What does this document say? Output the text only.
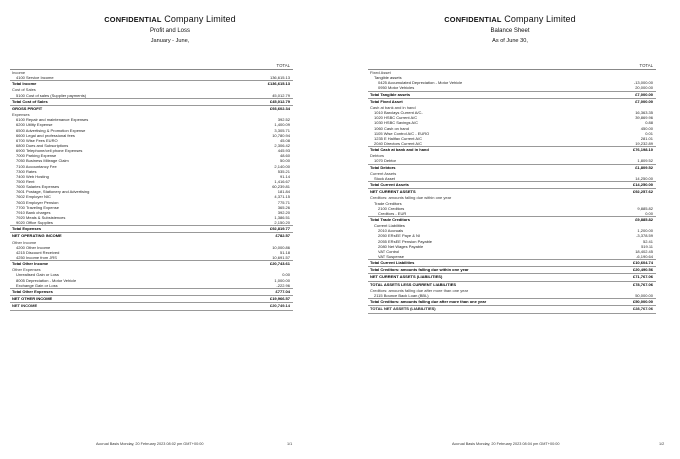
CONFIDENTIAL Company Limited
Profit and Loss
January - June,
TOTAL
Income
4100 Service Income	136,615.13
Total Income	£136,615.13
Cost of Sales
5100 Cost of sales (Supplier payments)	45,012.79
Total Cost of Sales	£45,012.79
GROSS PROFIT	£93,602.34
Expenses
6100 Repair and maintenance Expenses	392.52
6200 Utility Expense	1,400.09
6500 Advertising & Promotion Expense	3,305.71
6600 Legal and professional fees	10,780.94
6700 Wise Fees EURO	45.08
6800 Dues and Subscriptions	2,306.42
6900 Telephone/cell phone Expenses	445.93
7000 Parking Expense	48.60
7050 Business Mileage Claim	50.00
7100 Accountancy Fee	2,140.00
7300 Rates	535.21
7400 Web Hosting	91.14
7500 Rent	1,416.67
7600 Salaries Expenses	60,239.81
7601 Postage, Stationery and Advertising	181.84
7602 Employer NIC	4,371.15
7603 Employer Pension	775.71
7700 Traveling Expense	365.26
7910 Bank charges	392.20
7920 Meals & Subsistences	1,386.51
9020 Office Supplies	2,150.20
Total Expenses	£92,819.77
NET OPERATING INCOME	£782.57
Other Income
4200 Other Income	10,000.86
4215 Discount Received	51.18
4250 Income from JRS	10,691.57
Total Other Income	£20,743.61
Other Expenses
Unrealised Gain or Loss	0.00
8005 Depreciation - Motor Vehicle	1,000.00
Exchange Gain or Loss	-222.96
Total Other Expenses	£777.04
NET OTHER INCOME	£19,966.57
NET INCOME	£20,749.14
Accrual Basis Monday, 20 February 2023 08:02 pm GMT+00:00	1/1
CONFIDENTIAL Company Limited
Balance Sheet
As of June 30,
TOTAL
Fixed Asset
Tangible assets
0425 Accumulated Depreciation - Motor Vehicle	-13,000.00
0950 Motor Vehicles	20,000.00
Total Tangible assets	£7,000.00
Total Fixed Asset	£7,000.00
Cash at bank and in hand
1010 Barclays Current A/C-	16,363.35
1020 HSBC Current A/C	39,869.96
1030 HSBC Savings A/C	0.88
1060 Cash on hand	450.00
1105 Wise Control A/C - EURO	0.01
1235 E Halifax Current A/C	281.01
2040 Directors Current A/C	19,232.89
Total Cash at bank and in hand	£76,198.10
Debtors
1070 Debtor	1,809.52
Total Debtors	£1,809.52
Current Assets
Stock Asset	14,250.00
Total Current Assets	£14,250.00
NET CURRENT ASSETS	£92,257.62
Creditors: amounts falling due within one year
Trade Creditors
2100 Creditors	9,885.82
Creditors - EUR	0.00
Total Trade Creditors	£9,885.82
Current Liabilities
2010 Accruals	1,200.00
2050 ERsEE Paye & NI	-3,378.59
2055 ERsEE Pension Payable	52.41
2080 Net Wages Payable	519.11
VAT Control	18,402.45
VAT Suspense	-6,190.64
Total Current Liabilities	£10,604.74
Total Creditors: amounts falling due within one year	£20,490.56
NET CURRENT ASSETS (LIABILITIES)	£71,767.06
TOTAL ASSETS LESS CURRENT LIABILITIES	£78,767.06
Creditors: amounts falling due after more than one year
2115 Bounce Back Loan (BBL)	50,000.00
Total Creditors: amounts falling due after more than one year	£50,000.00
TOTAL NET ASSETS (LIABILITIES)	£28,767.06
Accrual Basis Monday, 20 February 2023 08:04 pm GMT+00:00	1/2
